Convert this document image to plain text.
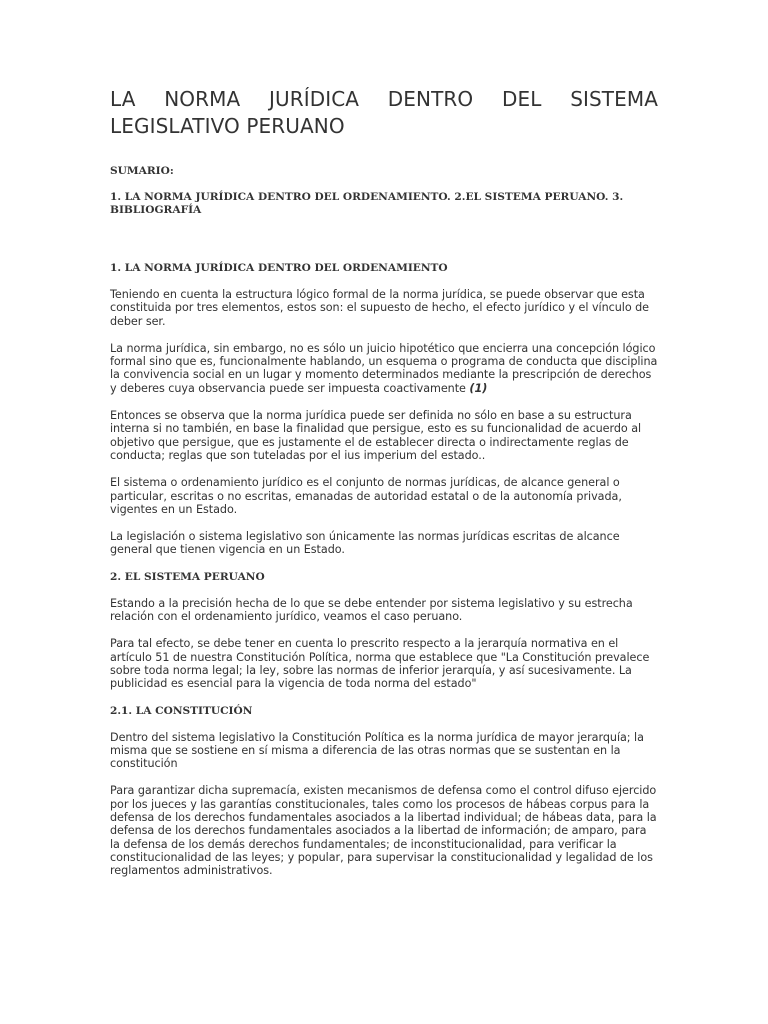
LA NORMA JURÍDICA DENTRO DEL SISTEMA LEGISLATIVO PERUANO
SUMARIO:
1. LA NORMA JURÍDICA DENTRO DEL ORDENAMIENTO. 2.EL SISTEMA PERUANO. 3. BIBLIOGRAFÍA
1. LA NORMA JURÍDICA DENTRO DEL ORDENAMIENTO

Teniendo en cuenta la estructura lógico formal de la norma jurídica, se puede observar que esta constituida por tres elementos, estos son: el supuesto de hecho, el efecto jurídico y el vínculo de deber ser.

La norma jurídica, sin embargo, no es sólo un juicio hipotético que encierra una concepción lógico formal sino que es, funcionalmente hablando, un esquema o programa de conducta que disciplina la convivencia social en un lugar y momento determinados mediante la prescripción de derechos y deberes cuya observancia puede ser impuesta coactivamente (1)

Entonces se observa que la norma jurídica puede ser definida no sólo en base a su estructura interna si no también, en base la finalidad que persigue, esto es su funcionalidad de acuerdo al objetivo que persigue, que es justamente el de establecer directa o indirectamente reglas de conducta; reglas que son tuteladas por el ius imperium del estado..

El sistema o ordenamiento jurídico es el conjunto de normas jurídicas, de alcance general o particular, escritas o no escritas, emanadas de autoridad estatal o de la autonomía privada, vigentes en un Estado.

La legislación o sistema legislativo son únicamente las normas jurídicas escritas de alcance general que tienen vigencia en un Estado.

2. EL SISTEMA PERUANO

Estando a la precisión hecha de lo que se debe entender por sistema legislativo y su estrecha relación con el ordenamiento jurídico, veamos el caso peruano.

Para tal efecto, se debe tener en cuenta lo prescrito respecto a la jerarquía normativa en el artículo 51 de nuestra Constitución Política, norma que establece que "La Constitución prevalece sobre toda norma legal; la ley, sobre las normas de inferior jerarquía, y así sucesivamente. La publicidad es esencial para la vigencia de toda norma del estado"

2.1. LA CONSTITUCIÓN

Dentro del sistema legislativo la Constitución Política es la norma jurídica de mayor jerarquía; la misma que se sostiene en sí misma a diferencia de las otras normas que se sustentan en la constitución

Para garantizar dicha supremacía, existen mecanismos de defensa como el control difuso ejercido por los jueces y las garantías constitucionales, tales como los procesos de hábeas corpus para la defensa de los derechos fundamentales asociados a la libertad individual; de hábeas data, para la defensa de los derechos fundamentales asociados a la libertad de información; de amparo, para la defensa de los demás derechos fundamentales; de inconstitucionalidad, para verificar la constitucionalidad de las leyes; y popular, para supervisar la constitucionalidad y legalidad de los reglamentos administrativos.
